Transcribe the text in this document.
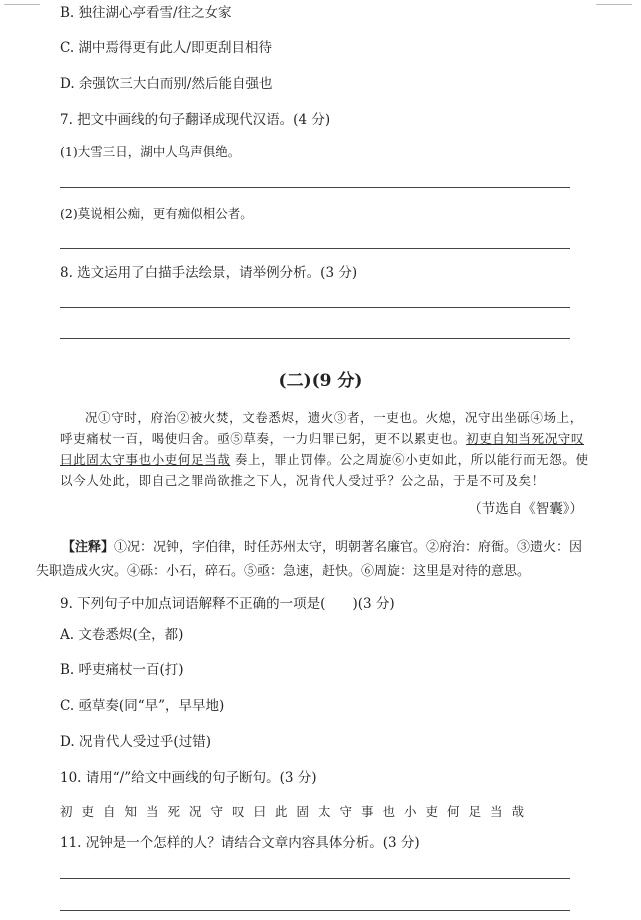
B. 独往湖心亭看雪/往之女家
C. 湖中焉得更有此人/即更刮目相待
D. 余强饮三大白而别/然后能自强也
7. 把文中画线的句子翻译成现代汉语。(4 分)
(1)大雪三日，湖中人鸟声俱绝。
(2)莫说相公痴，更有痴似相公者。
8. 选文运用了白描手法绘景，请举例分析。(3 分)
(二)(9 分)
况①守时，府治②被火焚，文卷悉烬，遗火③者，一吏也。火熄，况守出坐砾④场上，呼吏痛杖一百，喝使归舍。亟⑤草奏，一力归罪已躬，更不以累吏也。初吏自知当死况守叹曰此固太守事也小吏何足当哉 奏上，罪止罚俸。公之周旋⑥小吏如此，所以能行而无怨。使以今人处此，即自己之罪尚欲推之下人，况肯代人受过乎？公之品，于是不可及矣！
（节选自《智囊》）
【注释】①况：况钟，字伯律，时任苏州太守，明朝著名廉官。②府治：府衙。③遗火：因失职造成火灾。④砾：小石，碎石。⑤亟：急速，赶快。⑥周旋：这里是对待的意思。
9. 下列句子中加点词语解释不正确的一项是(　　)(3 分)
A. 文卷悉烬(全，都)
B. 呼吏痛杖一百(打)
C. 亟草奏(同“早”，早早地)
D. 况肯代人受过乎(过错)
10. 请用“/”给文中画线的句子断句。(3 分)
初吏自知当死况守叹曰此固太守事也小吏何足当哉
11. 况钟是一个怎样的人？请结合文章内容具体分析。(3 分)
